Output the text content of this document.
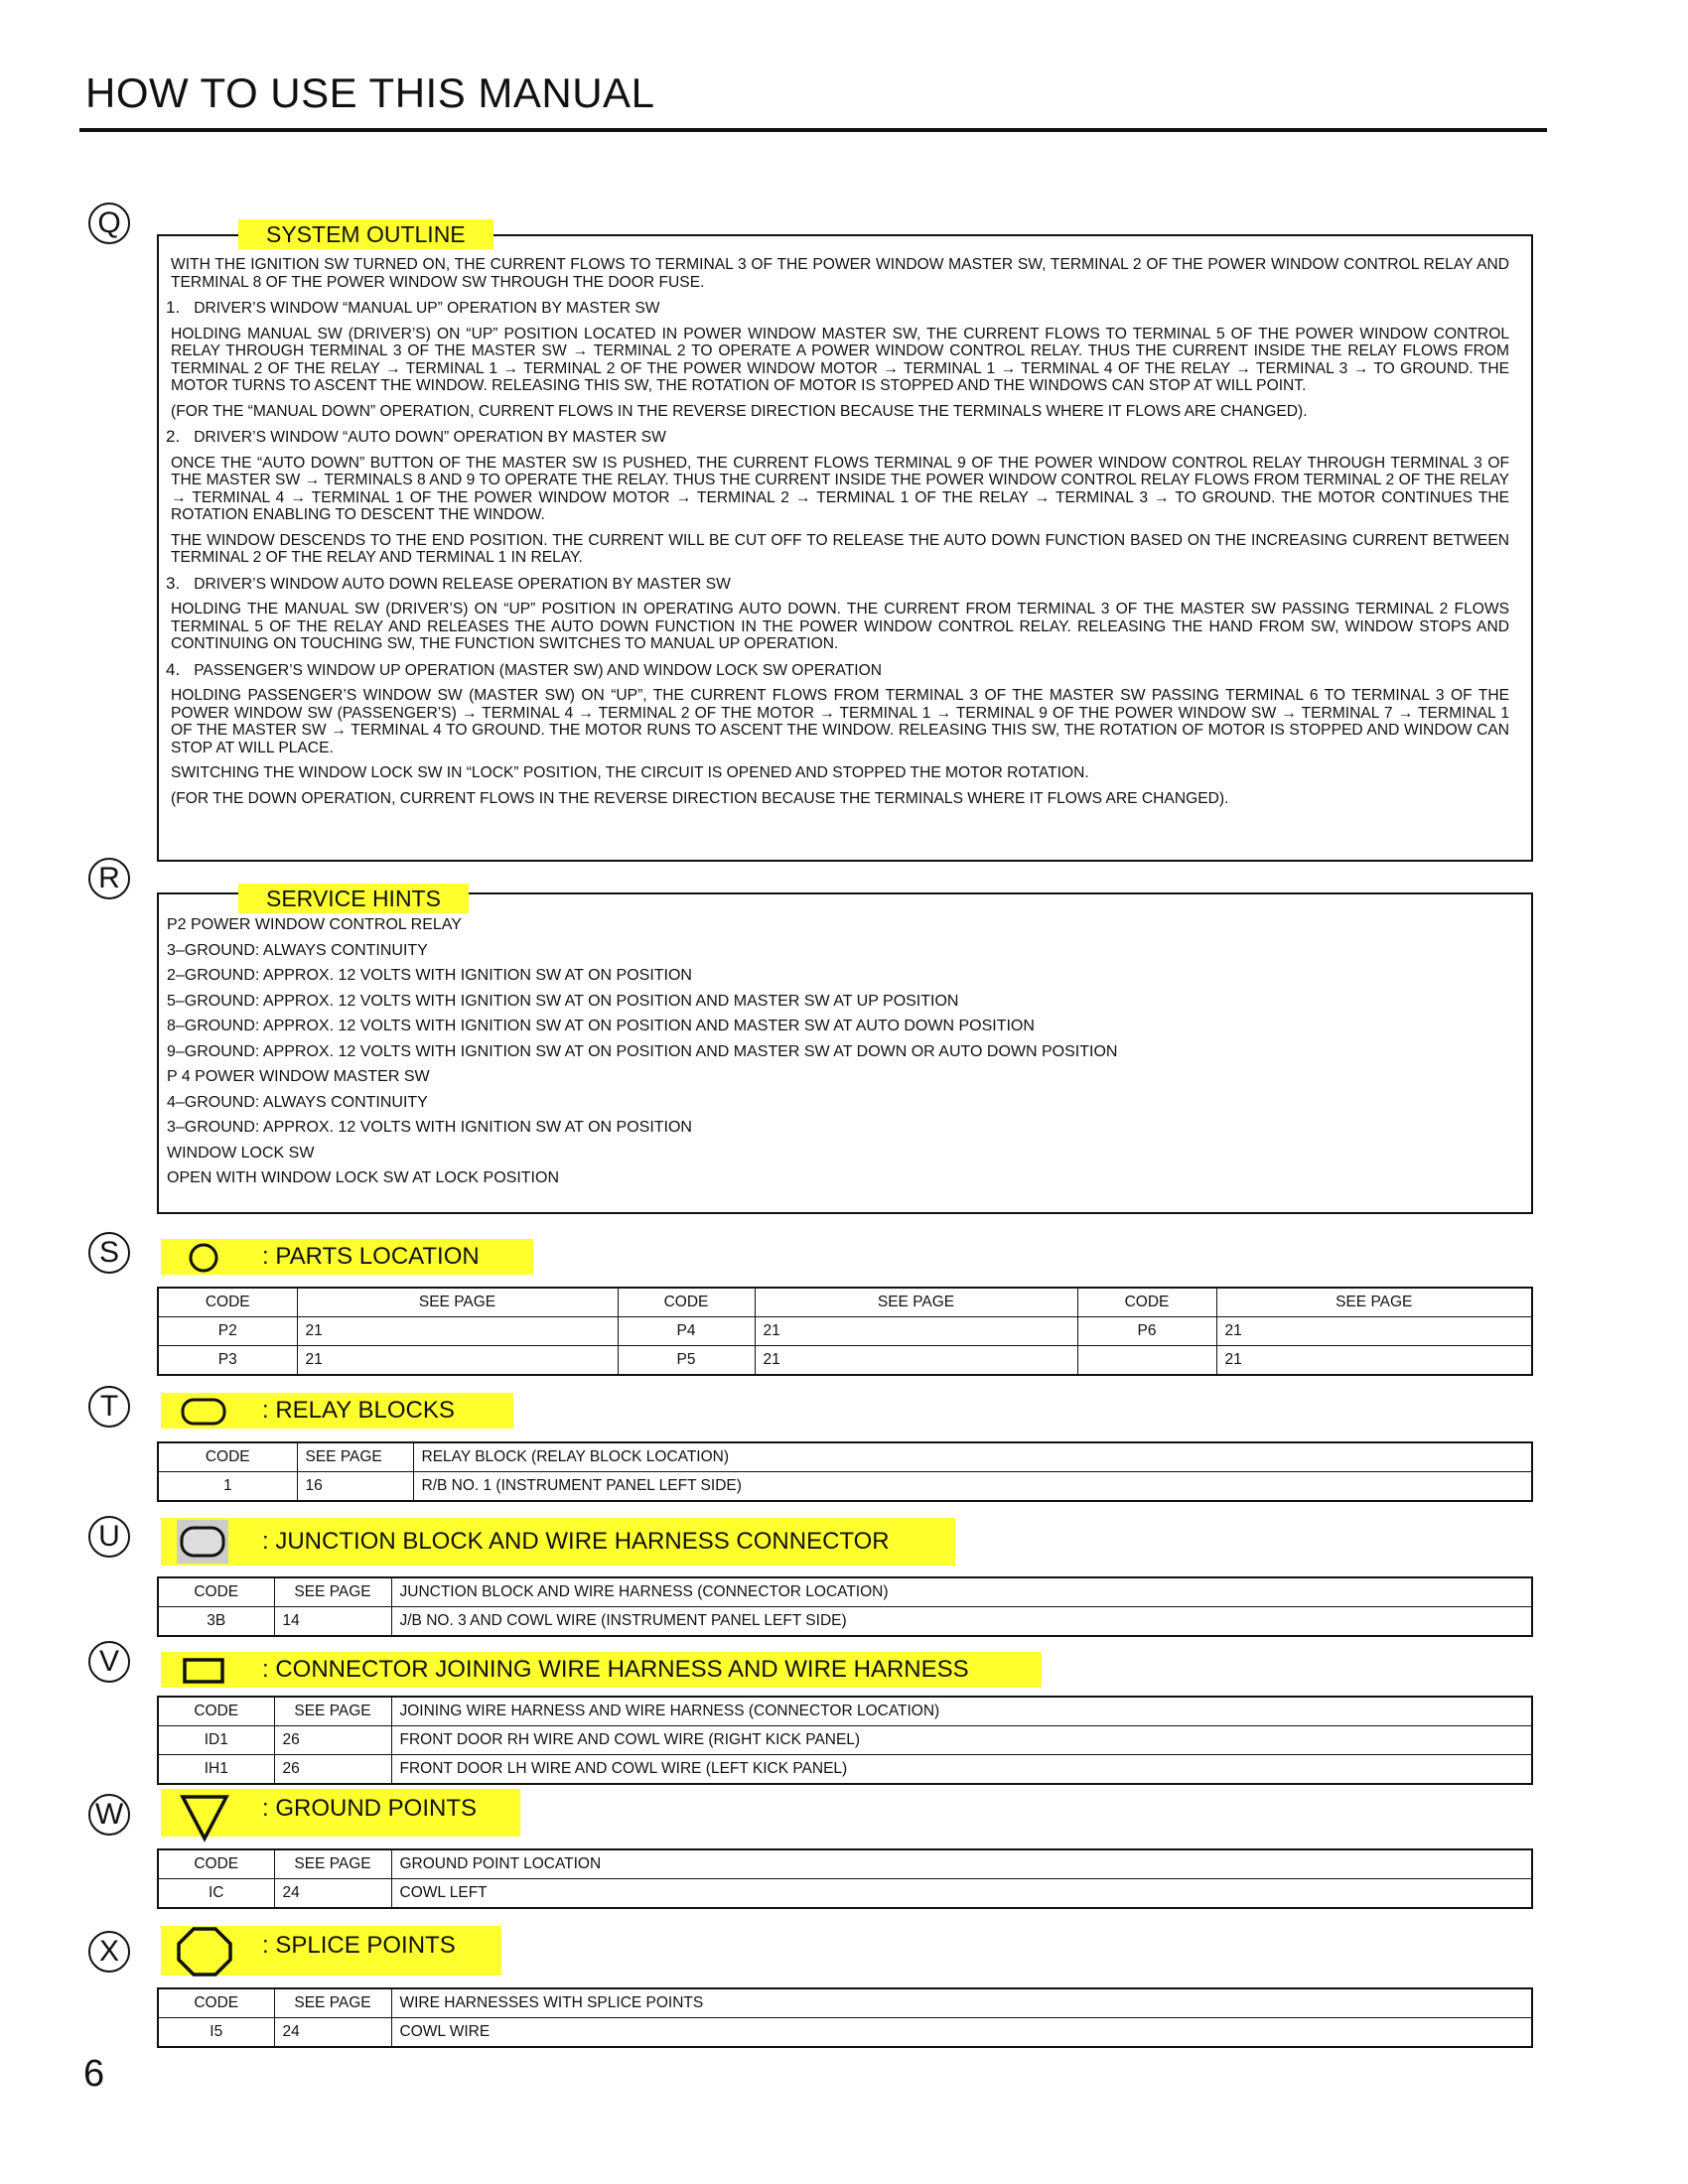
HOW TO USE THIS MANUAL
Q
R
S
T
U
V
W
X
SYSTEM OUTLINE

WITH THE IGNITION SW TURNED ON, THE CURRENT FLOWS TO TERMINAL 3 OF THE POWER WINDOW MASTER SW, TERMINAL 2 OF THE POWER WINDOW CONTROL RELAY AND TERMINAL 8 OF THE POWER WINDOW SW THROUGH THE DOOR FUSE.

1. DRIVER’S WINDOW “MANUAL UP” OPERATION BY MASTER SW

HOLDING MANUAL SW (DRIVER’S) ON “UP” POSITION LOCATED IN POWER WINDOW MASTER SW, THE CURRENT FLOWS TO TERMINAL 5 OF THE POWER WINDOW CONTROL RELAY THROUGH TERMINAL 3 OF THE MASTER SW → TERMINAL 2 TO OPERATE A POWER WINDOW CONTROL RELAY. THUS THE CURRENT INSIDE THE RELAY FLOWS FROM TERMINAL 2 OF THE RELAY → TERMINAL 1 → TERMINAL 2 OF THE POWER WINDOW MOTOR → TERMINAL 1 → TERMINAL 4 OF THE RELAY → TERMINAL 3 → TO GROUND. THE MOTOR TURNS TO ASCENT THE WINDOW. RELEASING THIS SW, THE ROTATION OF MOTOR IS STOPPED AND THE WINDOWS CAN STOP AT WILL POINT.

(FOR THE “MANUAL DOWN” OPERATION, CURRENT FLOWS IN THE REVERSE DIRECTION BECAUSE THE TERMINALS WHERE IT FLOWS ARE CHANGED).

2. DRIVER’S WINDOW “AUTO DOWN” OPERATION BY MASTER SW

ONCE THE “AUTO DOWN” BUTTON OF THE MASTER SW IS PUSHED, THE CURRENT FLOWS TERMINAL 9 OF THE POWER WINDOW CONTROL RELAY THROUGH TERMINAL 3 OF THE MASTER SW → TERMINALS 8 AND 9 TO OPERATE THE RELAY. THUS THE CURRENT INSIDE THE POWER WINDOW CONTROL RELAY FLOWS FROM TERMINAL 2 OF THE RELAY → TERMINAL 4 → TERMINAL 1 OF THE POWER WINDOW MOTOR → TERMINAL 2 → TERMINAL 1 OF THE RELAY → TERMINAL 3 → TO GROUND. THE MOTOR CONTINUES THE ROTATION ENABLING TO DESCENT THE WINDOW.

THE WINDOW DESCENDS TO THE END POSITION. THE CURRENT WILL BE CUT OFF TO RELEASE THE AUTO DOWN FUNCTION BASED ON THE INCREASING CURRENT BETWEEN TERMINAL 2 OF THE RELAY AND TERMINAL 1 IN RELAY.

3. DRIVER’S WINDOW AUTO DOWN RELEASE OPERATION BY MASTER SW

HOLDING THE MANUAL SW (DRIVER’S) ON “UP” POSITION IN OPERATING AUTO DOWN. THE CURRENT FROM TERMINAL 3 OF THE MASTER SW PASSING TERMINAL 2 FLOWS TERMINAL 5 OF THE RELAY AND RELEASES THE AUTO DOWN FUNCTION IN THE POWER WINDOW CONTROL RELAY. RELEASING THE HAND FROM SW, WINDOW STOPS AND CONTINUING ON TOUCHING SW, THE FUNCTION SWITCHES TO MANUAL UP OPERATION.

4. PASSENGER’S WINDOW UP OPERATION (MASTER SW) AND WINDOW LOCK SW OPERATION

HOLDING PASSENGER’S WINDOW SW (MASTER SW) ON “UP”, THE CURRENT FLOWS FROM TERMINAL 3 OF THE MASTER SW PASSING TERMINAL 6 TO TERMINAL 3 OF THE POWER WINDOW SW (PASSENGER’S) → TERMINAL 4 → TERMINAL 2 OF THE MOTOR → TERMINAL 1 → TERMINAL 9 OF THE POWER WINDOW SW → TERMINAL 7 → TERMINAL 1 OF THE MASTER SW → TERMINAL 4 TO GROUND. THE MOTOR RUNS TO ASCENT THE WINDOW. RELEASING THIS SW, THE ROTATION OF MOTOR IS STOPPED AND WINDOW CAN STOP AT WILL PLACE.

SWITCHING THE WINDOW LOCK SW IN “LOCK” POSITION, THE CIRCUIT IS OPENED AND STOPPED THE MOTOR ROTATION.

(FOR THE DOWN OPERATION, CURRENT FLOWS IN THE REVERSE DIRECTION BECAUSE THE TERMINALS WHERE IT FLOWS ARE CHANGED).

SERVICE HINTS
P2 POWER WINDOW CONTROL RELAY
3–GROUND: ALWAYS CONTINUITY
2–GROUND: APPROX. 12 VOLTS WITH IGNITION SW AT ON POSITION
5–GROUND: APPROX. 12 VOLTS WITH IGNITION SW AT ON POSITION AND MASTER SW AT UP POSITION
8–GROUND: APPROX. 12 VOLTS WITH IGNITION SW AT ON POSITION AND MASTER SW AT AUTO DOWN POSITION
9–GROUND: APPROX. 12 VOLTS WITH IGNITION SW AT ON POSITION AND MASTER SW AT DOWN OR AUTO DOWN POSITION
P 4 POWER WINDOW MASTER SW
4–GROUND: ALWAYS CONTINUITY
3–GROUND: APPROX. 12 VOLTS WITH IGNITION SW AT ON POSITION
WINDOW LOCK SW
OPEN WITH WINDOW LOCK SW AT LOCK POSITION
: PARTS LOCATION
CODE	SEE PAGE	CODE	SEE PAGE	CODE	SEE PAGE
P2	21	P4	21	P6	21
P3	21	P5	21		21
: RELAY BLOCKS
CODE	SEE PAGE	RELAY BLOCK (RELAY BLOCK LOCATION)
1	16	R/B NO. 1 (INSTRUMENT PANEL LEFT SIDE)
: JUNCTION BLOCK AND WIRE HARNESS CONNECTOR
CODE	SEE PAGE	JUNCTION BLOCK AND WIRE HARNESS (CONNECTOR LOCATION)
3B	14	J/B NO. 3 AND COWL WIRE (INSTRUMENT PANEL LEFT SIDE)
: CONNECTOR JOINING WIRE HARNESS AND WIRE HARNESS
CODE	SEE PAGE	JOINING WIRE HARNESS AND WIRE HARNESS (CONNECTOR LOCATION)
ID1	26	FRONT DOOR RH WIRE AND COWL WIRE (RIGHT KICK PANEL)
IH1	26	FRONT DOOR LH WIRE AND COWL WIRE (LEFT KICK PANEL)
: GROUND POINTS
CODE	SEE PAGE	GROUND POINT LOCATION
IC	24	COWL LEFT
: SPLICE POINTS
CODE	SEE PAGE	WIRE HARNESSES WITH SPLICE POINTS
I5	24	COWL WIRE
6
